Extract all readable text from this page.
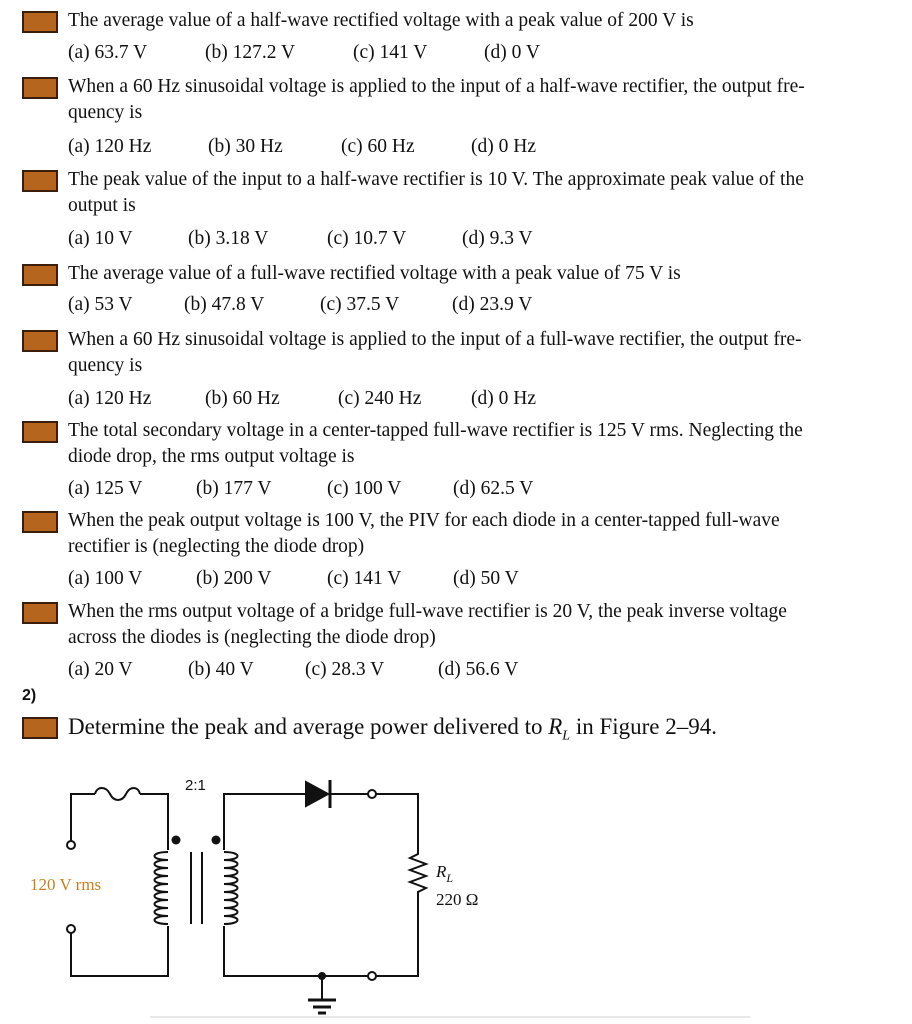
The average value of a half-wave rectified voltage with a peak value of 200 V is
(a) 63.7 V	(b) 127.2 V	(c) 141 V	(d) 0 V
When a 60 Hz sinusoidal voltage is applied to the input of a half-wave rectifier, the output fre-
quency is
(a) 120 Hz	(b) 30 Hz	(c) 60 Hz	(d) 0 Hz
The peak value of the input to a half-wave rectifier is 10 V. The approximate peak value of the
output is
(a) 10 V	(b) 3.18 V	(c) 10.7 V	(d) 9.3 V
The average value of a full-wave rectified voltage with a peak value of 75 V is
(a) 53 V	(b) 47.8 V	(c) 37.5 V	(d) 23.9 V
When a 60 Hz sinusoidal voltage is applied to the input of a full-wave rectifier, the output fre-
quency is
(a) 120 Hz	(b) 60 Hz	(c) 240 Hz	(d) 0 Hz
The total secondary voltage in a center-tapped full-wave rectifier is 125 V rms. Neglecting the
diode drop, the rms output voltage is
(a) 125 V	(b) 177 V	(c) 100 V	(d) 62.5 V
When the peak output voltage is 100 V, the PIV for each diode in a center-tapped full-wave
rectifier is (neglecting the diode drop)
(a) 100 V	(b) 200 V	(c) 141 V	(d) 50 V
When the rms output voltage of a bridge full-wave rectifier is 20 V, the peak inverse voltage
across the diodes is (neglecting the diode drop)
(a) 20 V	(b) 40 V	(c) 28.3 V	(d) 56.6 V
2)
Determine the peak and average power delivered to $R_L$ in Figure 2–94.
2:1
120 V rms
$R_L$
220 Ω
